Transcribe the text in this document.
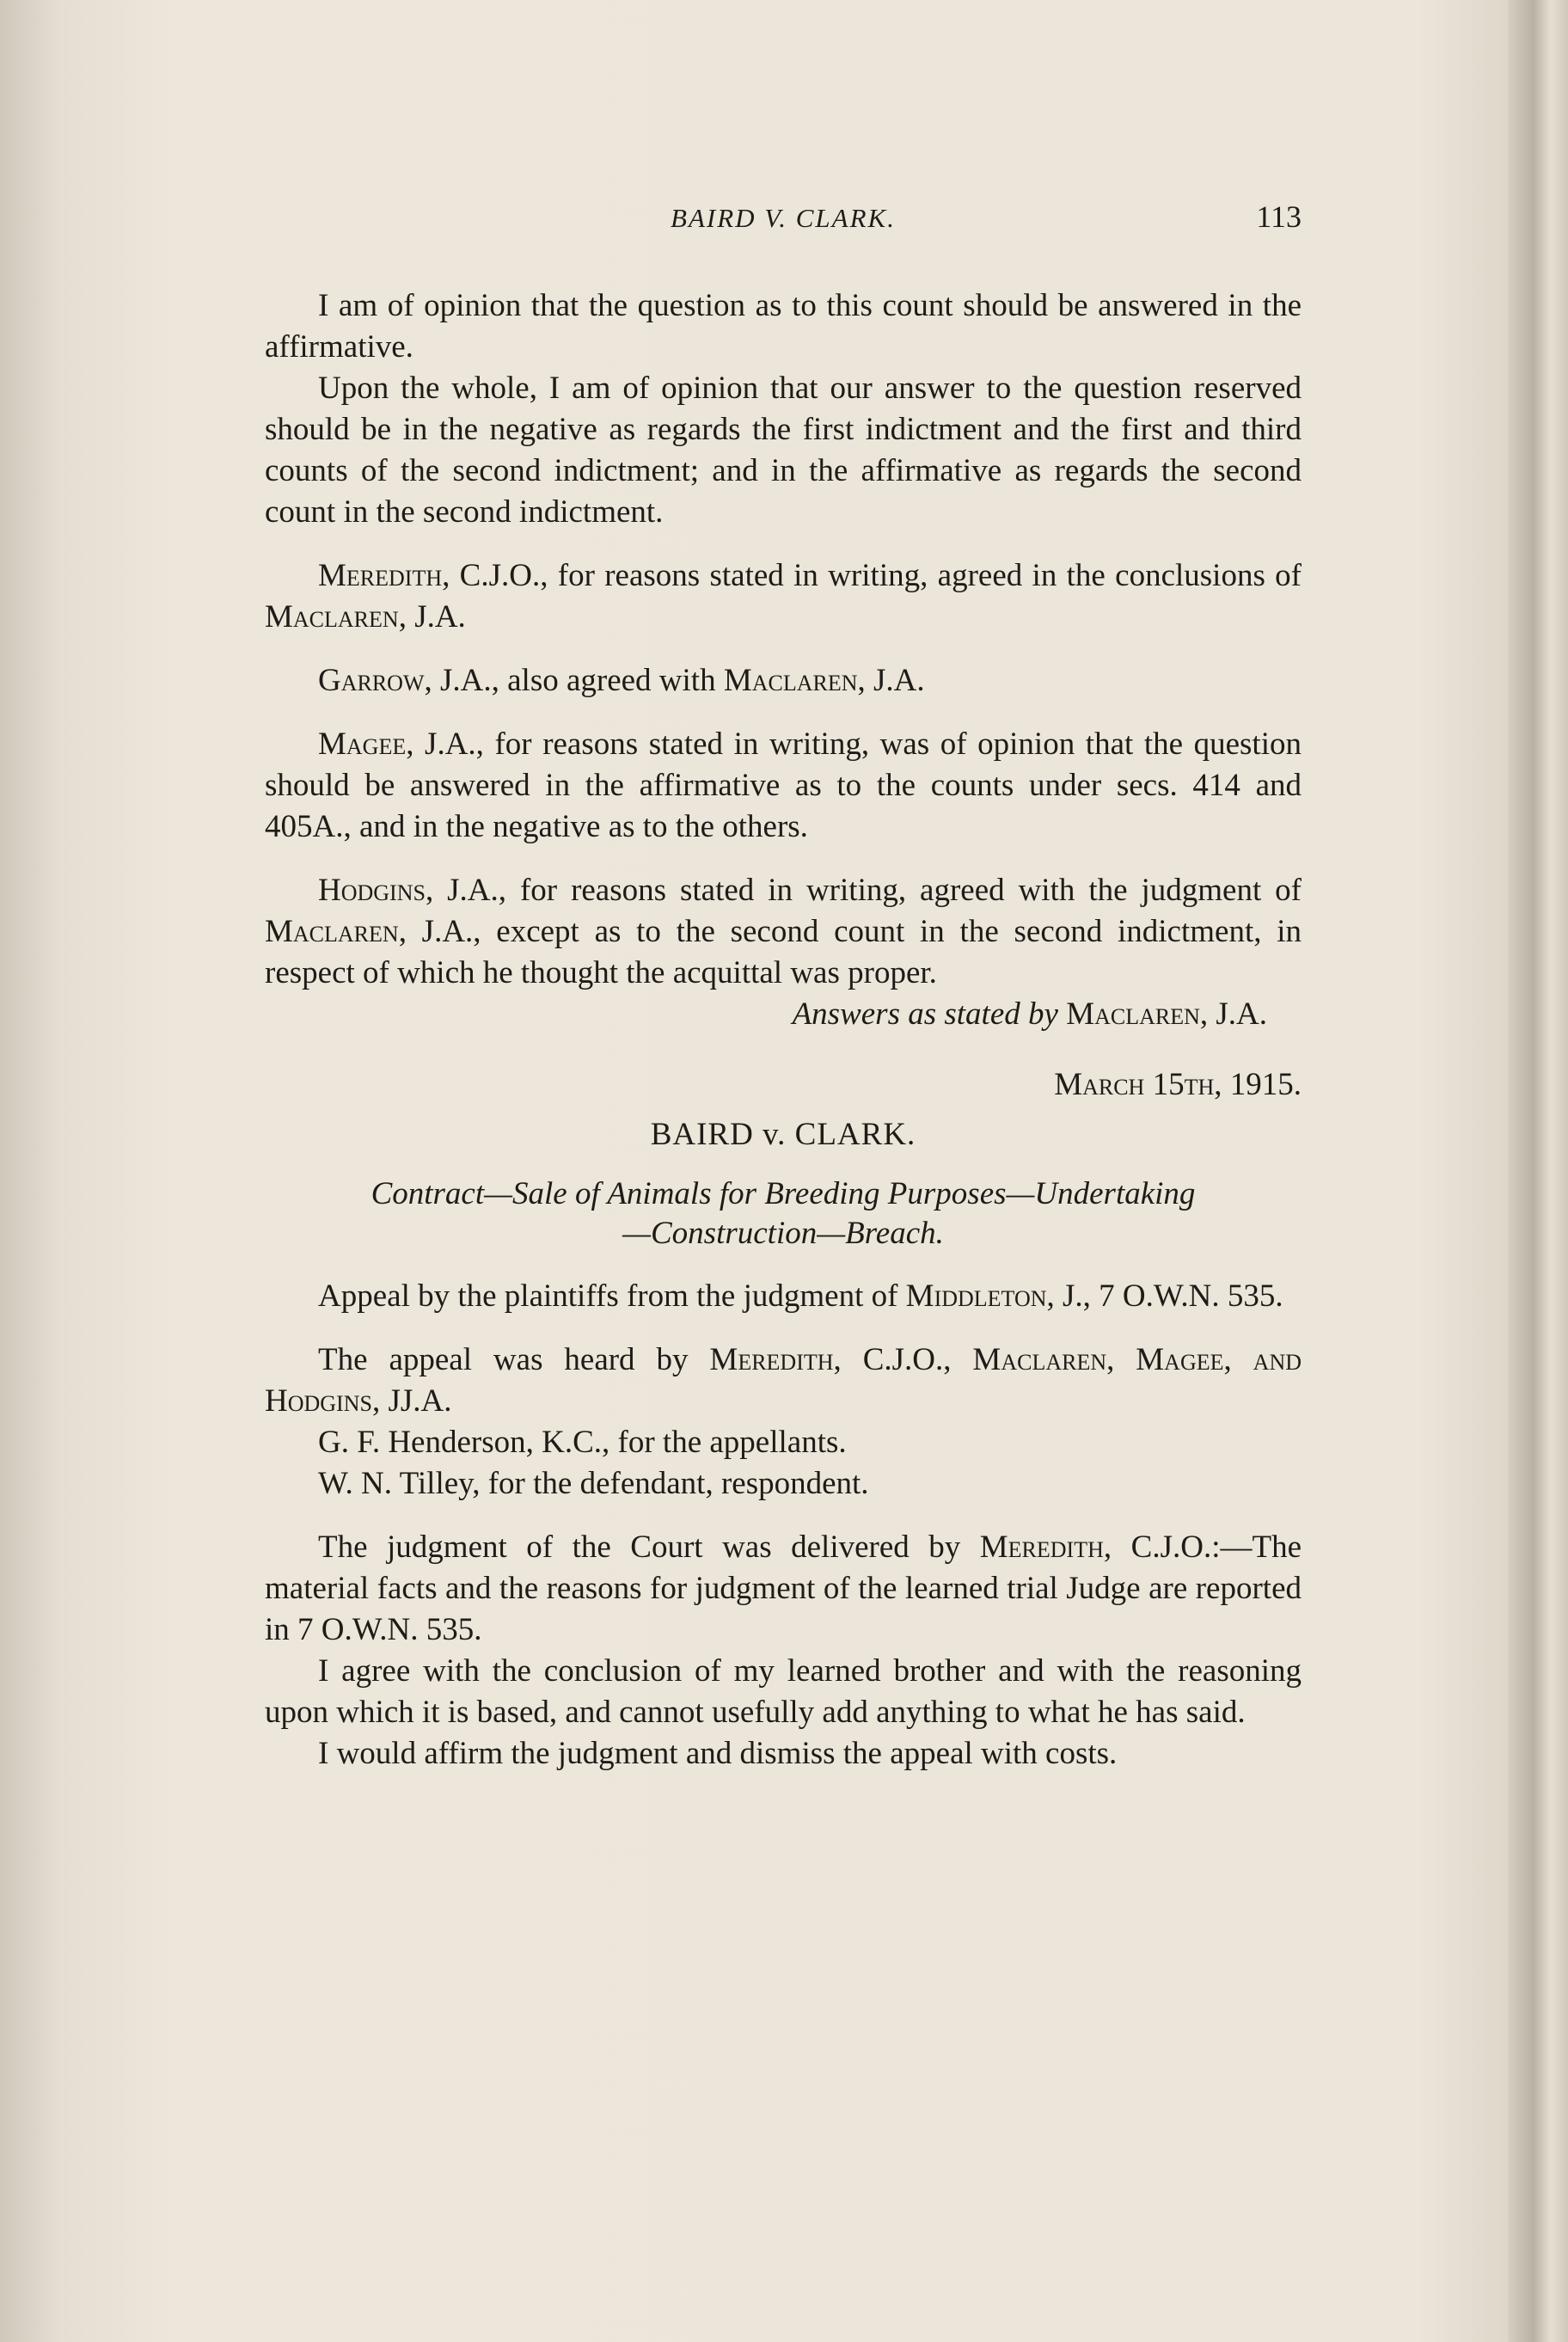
BAIRD V. CLARK.	113

I am of opinion that the question as to this count should be answered in the affirmative.

Upon the whole, I am of opinion that our answer to the question reserved should be in the negative as regards the first indictment and the first and third counts of the second indictment; and in the affirmative as regards the second count in the second indictment.

Meredith, C.J.O., for reasons stated in writing, agreed in the conclusions of Maclaren, J.A.

Garrow, J.A., also agreed with Maclaren, J.A.

Magee, J.A., for reasons stated in writing, was of opinion that the question should be answered in the affirmative as to the counts under secs. 414 and 405A., and in the negative as to the others.

Hodgins, J.A., for reasons stated in writing, agreed with the judgment of Maclaren, J.A., except as to the second count in the second indictment, in respect of which he thought the acquittal was proper.

Answers as stated by Maclaren, J.A.

March 15th, 1915.

BAIRD v. CLARK.

Contract—Sale of Animals for Breeding Purposes—Undertaking
—Construction—Breach.

Appeal by the plaintiffs from the judgment of Middleton, J., 7 O.W.N. 535.

The appeal was heard by Meredith, C.J.O., Maclaren, Magee, and Hodgins, JJ.A.

G. F. Henderson, K.C., for the appellants.

W. N. Tilley, for the defendant, respondent.

The judgment of the Court was delivered by Meredith, C.J.O.:—The material facts and the reasons for judgment of the learned trial Judge are reported in 7 O.W.N. 535.

I agree with the conclusion of my learned brother and with the reasoning upon which it is based, and cannot usefully add anything to what he has said.

I would affirm the judgment and dismiss the appeal with costs.
